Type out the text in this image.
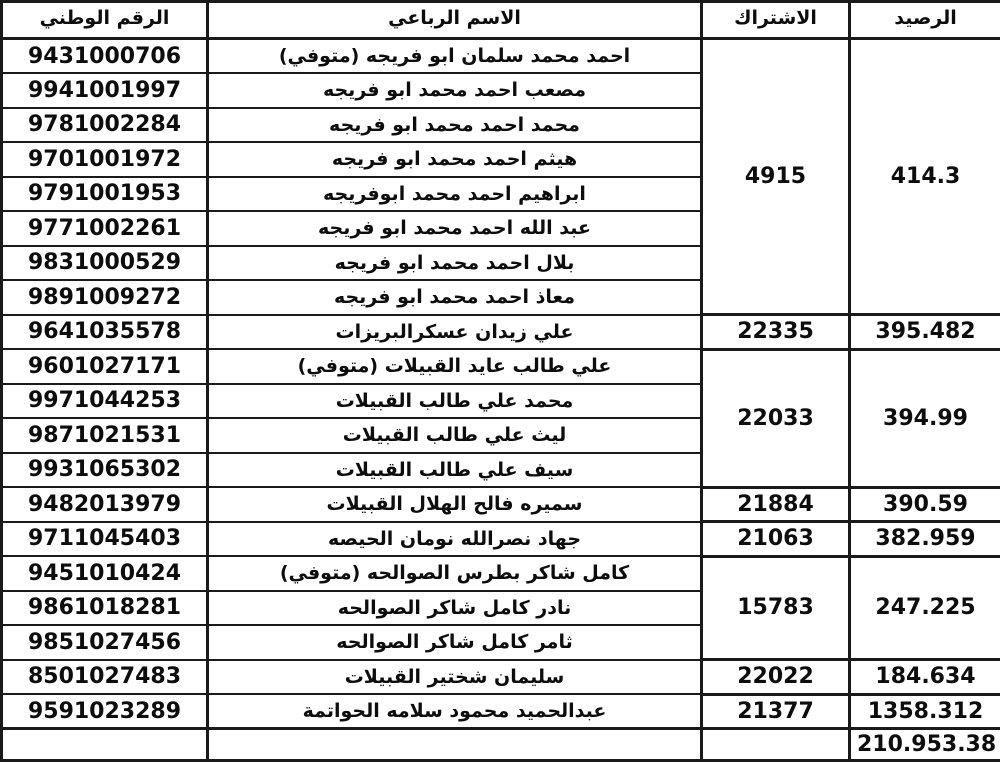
الرقم الوطني	الاسم الرباعي	الاشتراك	الرصيد
9431000706	احمد محمد سلمان ابو فريجه (متوفي)	4915	414.3
9941001997	مصعب احمد محمد ابو فريجه		
9781002284	محمد احمد محمد ابو فريجه		
9701001972	هيثم احمد محمد ابو فريجه		
9791001953	ابراهيم احمد محمد ابوفريجه		
9771002261	عبد الله احمد محمد ابو فريجه		
9831000529	بلال احمد محمد ابو فريجه		
9891009272	معاذ احمد محمد ابو فريجه		
9641035578	علي زيدان عسكرالبريزات	22335	395.482
9601027171	علي طالب عايد القبيلات (متوفي)	22033	394.99
9971044253	محمد علي طالب القبيلات		
9871021531	ليث علي طالب القبيلات		
9931065302	سيف علي طالب القبيلات		
9482013979	سميره فالح الهلال القبيلات	21884	390.59
9711045403	جهاد نصرالله نومان الحيصه	21063	382.959
9451010424	كامل شاكر بطرس الصوالحه (متوفي)	15783	247.225
9861018281	نادر كامل شاكر الصوالحه		
9851027456	ثامر كامل شاكر الصوالحه		
8501027483	سليمان شختير القبيلات	22022	184.634
9591023289	عبدالحميد محمود سلامه الحواتمة	21377	1358.312
			210.953.38
